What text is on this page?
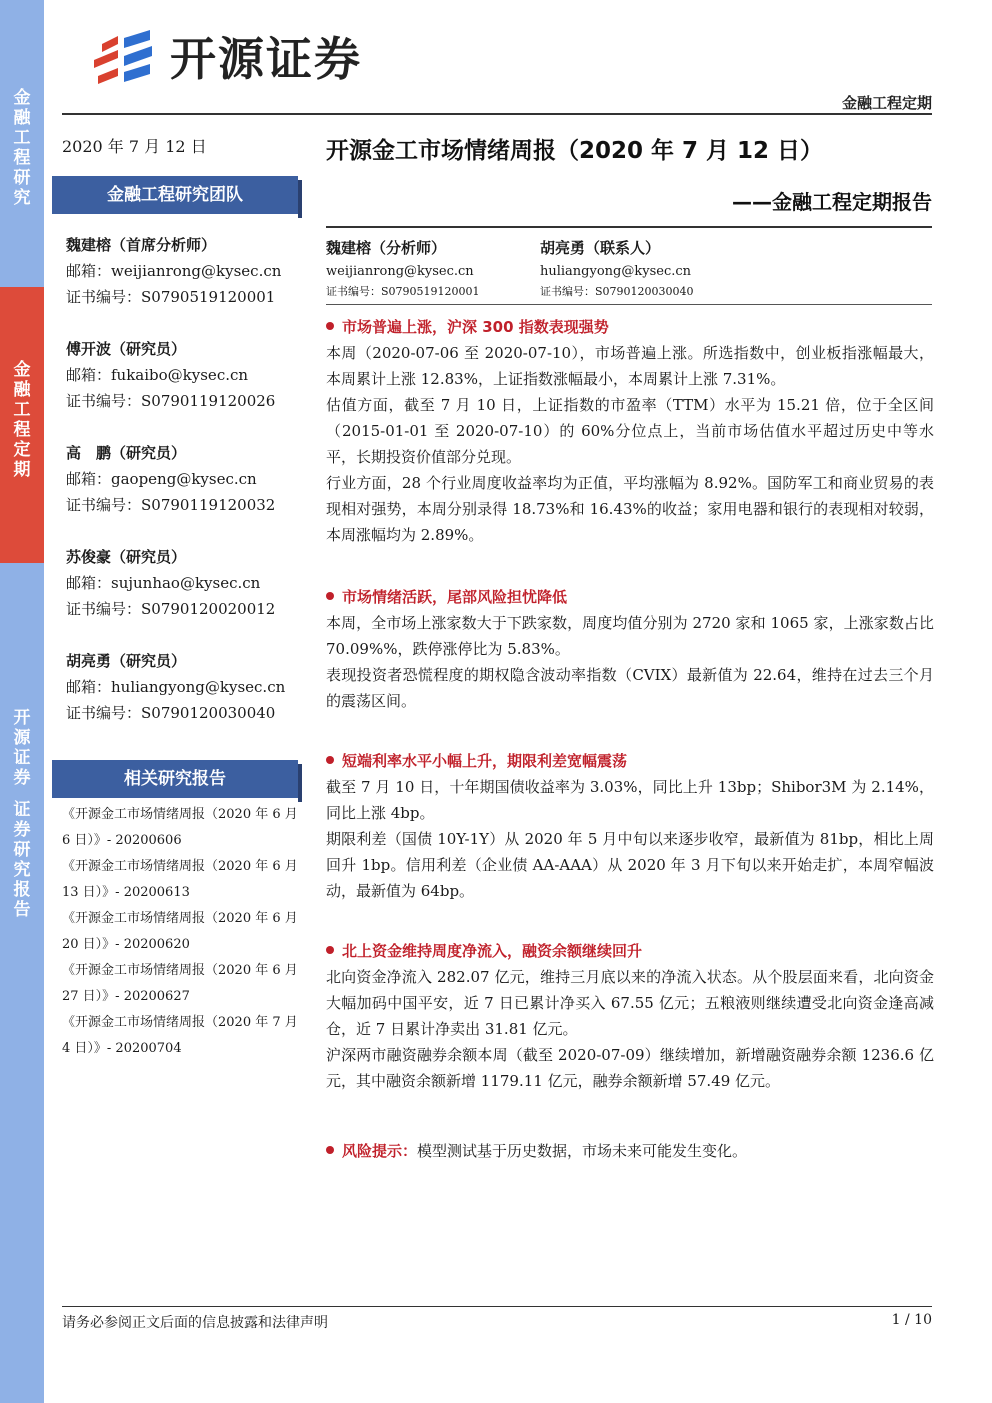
金
融
工
程
研
究
金
融
工
程
定
期
开
源
证
券

证
券
研
究
报
告
开源证券
金融工程定期
2020 年 7 月 12 日
金融工程研究团队
魏建榕（首席分析师）
邮箱：weijianrong@kysec.cn
证书编号：S0790519120001
傅开波（研究员）
邮箱：fukaibo@kysec.cn
证书编号：S0790119120026
高　鹏（研究员）
邮箱：gaopeng@kysec.cn
证书编号：S0790119120032
苏俊豪（研究员）
邮箱：sujunhao@kysec.cn
证书编号：S0790120020012
胡亮勇（研究员）
邮箱：huliangyong@kysec.cn
证书编号：S0790120030040
相关研究报告
《开源金工市场情绪周报（2020 年 6 月
6 日）》- 20200606
《开源金工市场情绪周报（2020 年 6 月
13 日）》- 20200613
《开源金工市场情绪周报（2020 年 6 月
20 日）》- 20200620
《开源金工市场情绪周报（2020 年 6 月
27 日）》- 20200627
《开源金工市场情绪周报（2020 年 7 月
4 日）》- 20200704
开源金工市场情绪周报（2020 年 7 月 12 日）
——金融工程定期报告
魏建榕（分析师）
weijianrong@kysec.cn
证书编号：S0790519120001
胡亮勇（联系人）
huliangyong@kysec.cn
证书编号：S0790120030040
市场普遍上涨，沪深 300 指数表现强势
本周（2020-07-06 至 2020-07-10），市场普遍上涨。所选指数中，创业板指涨幅最大，本周累计上涨 12.83%，上证指数涨幅最小，本周累计上涨 7.31%。
估值方面，截至 7 月 10 日，上证指数的市盈率（TTM）水平为 15.21 倍，位于全区间（2015-01-01 至 2020-07-10）的 60%分位点上，当前市场估值水平超过历史中等水平，长期投资价值部分兑现。
行业方面，28 个行业周度收益率均为正值，平均涨幅为 8.92%。国防军工和商业贸易的表现相对强势，本周分别录得 18.73%和 16.43%的收益；家用电器和银行的表现相对较弱，本周涨幅均为 2.89%。
市场情绪活跃，尾部风险担忧降低
本周，全市场上涨家数大于下跌家数，周度均值分别为 2720 家和 1065 家，上涨家数占比 70.09%%，跌停涨停比为 5.83%。
表现投资者恐慌程度的期权隐含波动率指数（CVIX）最新值为 22.64，维持在过去三个月的震荡区间。
短端利率水平小幅上升，期限利差宽幅震荡
截至 7 月 10 日，十年期国债收益率为 3.03%，同比上升 13bp；Shibor3M 为 2.14%，同比上涨 4bp。
期限利差（国债 10Y-1Y）从 2020 年 5 月中旬以来逐步收窄，最新值为 81bp，相比上周回升 1bp。信用利差（企业债 AA-AAA）从 2020 年 3 月下旬以来开始走扩，本周窄幅波动，最新值为 64bp。
北上资金维持周度净流入，融资余额继续回升
北向资金净流入 282.07 亿元，维持三月底以来的净流入状态。从个股层面来看，北向资金大幅加码中国平安，近 7 日已累计净买入 67.55 亿元；五粮液则继续遭受北向资金逢高减仓，近 7 日累计净卖出 31.81 亿元。
沪深两市融资融券余额本周（截至 2020-07-09）继续增加，新增融资融券余额 1236.6 亿元，其中融资余额新增 1179.11 亿元，融券余额新增 57.49 亿元。
风险提示：模型测试基于历史数据，市场未来可能发生变化。
请务必参阅正文后面的信息披露和法律声明	1 / 10
